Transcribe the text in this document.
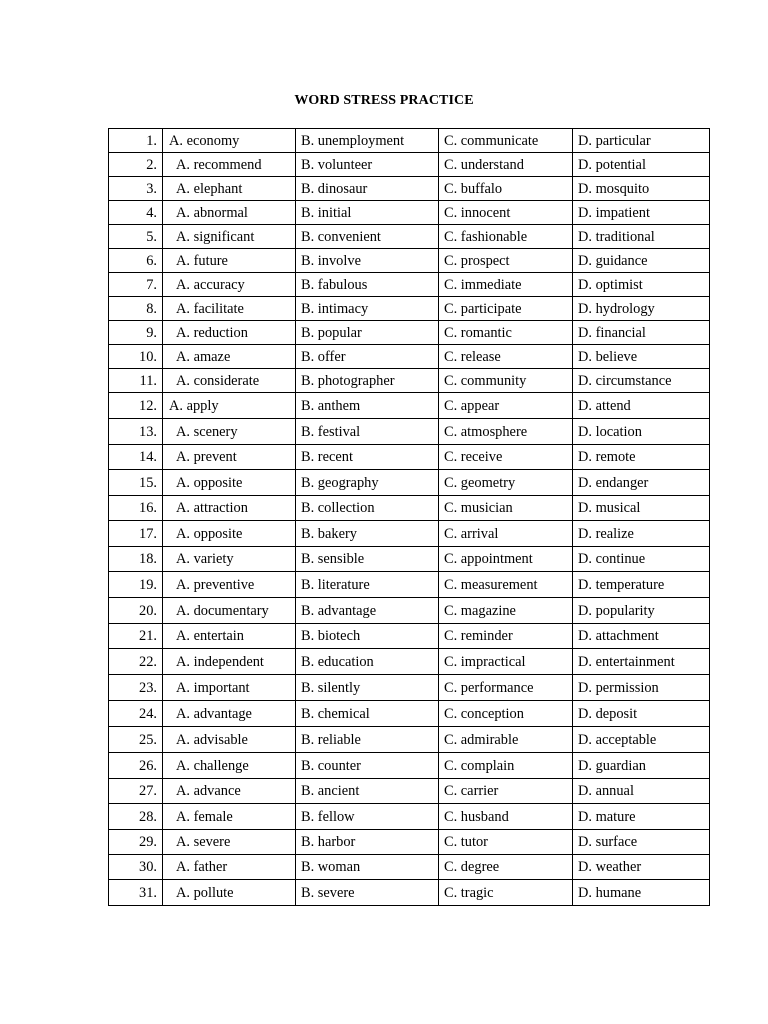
WORD STRESS PRACTICE
1.	A. economy	B. unemployment	C. communicate	D. particular
2.	A. recommend	B. volunteer	C. understand	D. potential
3.	A. elephant	B. dinosaur	C. buffalo	D. mosquito
4.	A. abnormal	B. initial	C. innocent	D. impatient
5.	A. significant	B. convenient	C. fashionable	D. traditional
6.	A. future	B. involve	C. prospect	D. guidance
7.	A. accuracy	B. fabulous	C. immediate	D. optimist
8.	A. facilitate	B. intimacy	C. participate	D. hydrology
9.	A. reduction	B. popular	C. romantic	D. financial
10.	A. amaze	B. offer	C. release	D. believe
11.	A. considerate	B. photographer	C. community	D. circumstance
12.	A. apply	B. anthem	C. appear	D. attend
13.	A. scenery	B. festival	C. atmosphere	D. location
14.	A. prevent	B. recent	C. receive	D. remote
15.	A. opposite	B. geography	C. geometry	D. endanger
16.	A. attraction	B. collection	C. musician	D. musical
17.	A. opposite	B. bakery	C. arrival	D. realize
18.	A. variety	B. sensible	C. appointment	D. continue
19.	A. preventive	B. literature	C. measurement	D. temperature
20.	A. documentary	B. advantage	C. magazine	D. popularity
21.	A. entertain	B. biotech	C. reminder	D. attachment
22.	A. independent	B. education	C. impractical	D. entertainment
23.	A. important	B. silently	C. performance	D. permission
24.	A. advantage	B. chemical	C. conception	D. deposit
25.	A. advisable	B. reliable	C. admirable	D. acceptable
26.	A. challenge	B. counter	C. complain	D. guardian
27.	A. advance	B. ancient	C. carrier	D. annual
28.	A. female	B. fellow	C. husband	D. mature
29.	A. severe	B. harbor	C. tutor	D. surface
30.	A. father	B. woman	C. degree	D. weather
31.	A. pollute	B. severe	C. tragic	D. humane
